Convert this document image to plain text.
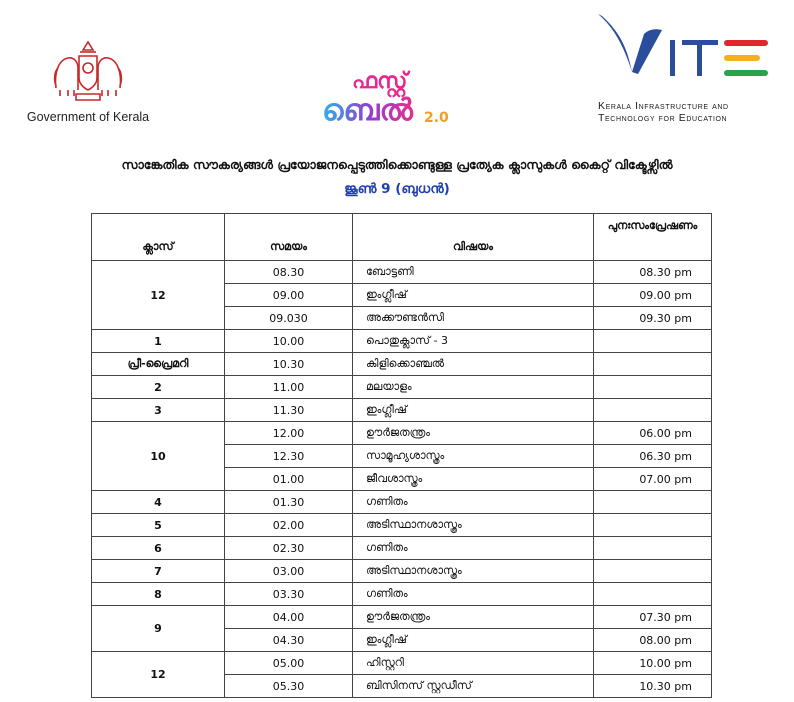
Government of Kerala
ഫസ്റ്റ്
ബെൽ 2.0
Kerala Infrastructure and
Technology for Education
സാങ്കേതിക സൗകര്യങ്ങൾ പ്രയോജനപ്പെടുത്തിക്കൊണ്ടുള്ള പ്രത്യേക ക്ലാസുകൾ കൈറ്റ് വിക്ടേഴ്സിൽ
ജൂൺ 9 (ബുധൻ)
ക്ലാസ്	സമയം	വിഷയം	പുനഃസംപ്രേഷണം
12	08.30	ബോട്ടണി	08.30 pm
	09.00	ഇംഗ്ലീഷ്	09.00 pm
	09.030	അക്കൗണ്ടൻസി	09.30 pm
1	10.00	പൊതുക്ലാസ് - 3	
പ്രീ-പ്രൈമറി	10.30	കിളിക്കൊഞ്ചൽ	
2	11.00	മലയാളം	
3	11.30	ഇംഗ്ലീഷ്	
10	12.00	ഊർജതന്ത്രം	06.00 pm
	12.30	സാമൂഹ്യശാസ്ത്രം	06.30 pm
	01.00	ജീവശാസ്ത്രം	07.00 pm
4	01.30	ഗണിതം	
5	02.00	അടിസ്ഥാനശാസ്ത്രം	
6	02.30	ഗണിതം	
7	03.00	അടിസ്ഥാനശാസ്ത്രം	
8	03.30	ഗണിതം	
9	04.00	ഊർജതന്ത്രം	07.30 pm
	04.30	ഇംഗ്ലീഷ്	08.00 pm
12	05.00	ഹിസ്റ്ററി	10.00 pm
	05.30	ബിസിനസ് സ്റ്റഡീസ്	10.30 pm
